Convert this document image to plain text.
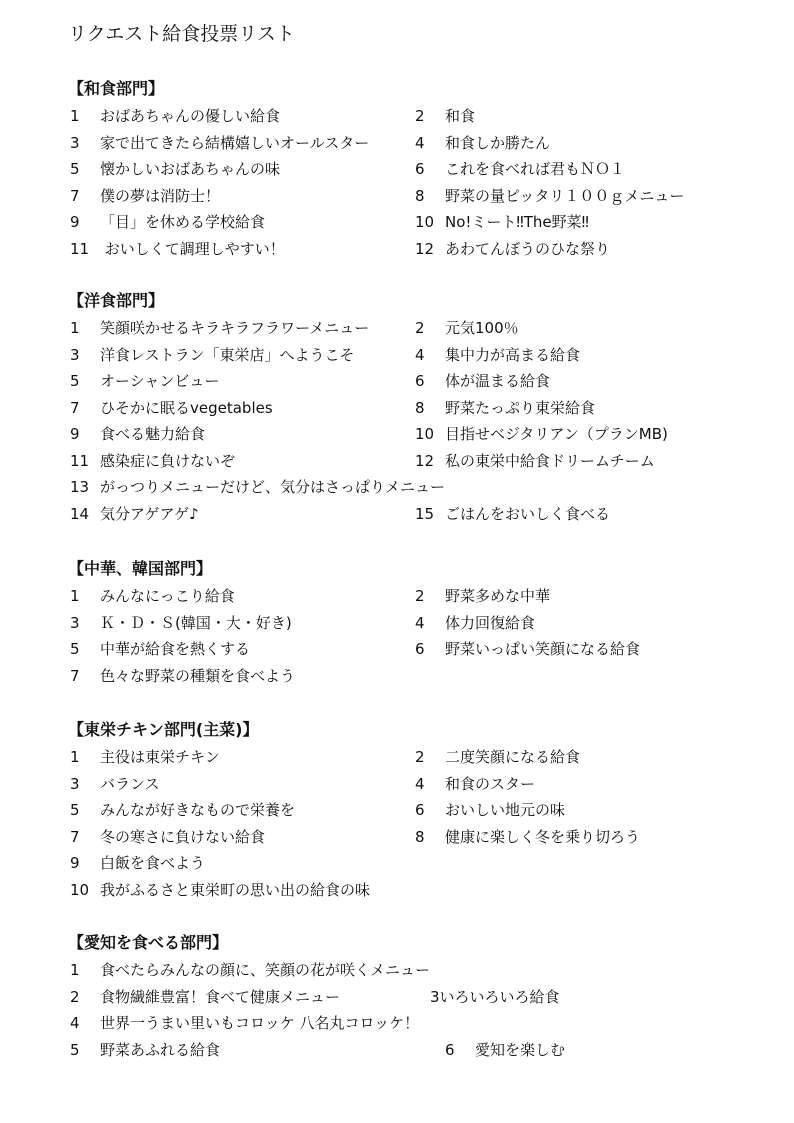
リクエスト給食投票リスト
【和食部門】
1 おばあちゃんの優しい給食	2 和食
3 家で出てきたら結構嬉しいオールスター	4 和食しか勝たん
5 懐かしいおばあちゃんの味	6 これを食べれば君もＮＯ１
7 僕の夢は消防士！	8 野菜の量ピッタリ１００ｇメニュー
9 「目」を休める学校給食	10 No!ミート‼The野菜‼
11 おいしくて調理しやすい！	12 あわてんぼうのひな祭り
【洋食部門】
1 笑顔咲かせるキラキラフラワーメニュー	2 元気100％
3 洋食レストラン「東栄店」へようこそ	4 集中力が高まる給食
5 オーシャンビュー	6 体が温まる給食
7 ひそかに眠るvegetables	8 野菜たっぷり東栄給食
9 食べる魅力給食	10 目指せベジタリアン（プランMB)
11 感染症に負けないぞ	12 私の東栄中給食ドリームチーム
13 がっつりメニューだけど、気分はさっぱりメニュー
14 気分アゲアゲ♪	15 ごはんをおいしく食べる
【中華、韓国部門】
1 みんなにっこり給食	2 野菜多めな中華
3 Ｋ・Ｄ・Ｓ(韓国・大・好き)	4 体力回復給食
5 中華が給食を熱くする	6 野菜いっぱい笑顔になる給食
7 色々な野菜の種類を食べよう
【東栄チキン部門(主菜)】
1 主役は東栄チキン	2 二度笑顔になる給食
3 バランス	4 和食のスター
5 みんなが好きなもので栄養を	6 おいしい地元の味
7 冬の寒さに負けない給食	8 健康に楽しく冬を乗り切ろう
9 白飯を食べよう
10 我がふるさと東栄町の思い出の給食の味
【愛知を食べる部門】
1 食べたらみんなの顔に、笑顔の花が咲くメニュー
2 食物繊維豊富！食べて健康メニュー	3いろいろいろ給食
4 世界一うまい里いもコロッケ 八名丸コロッケ！
5 野菜あふれる給食	6 愛知を楽しむ
